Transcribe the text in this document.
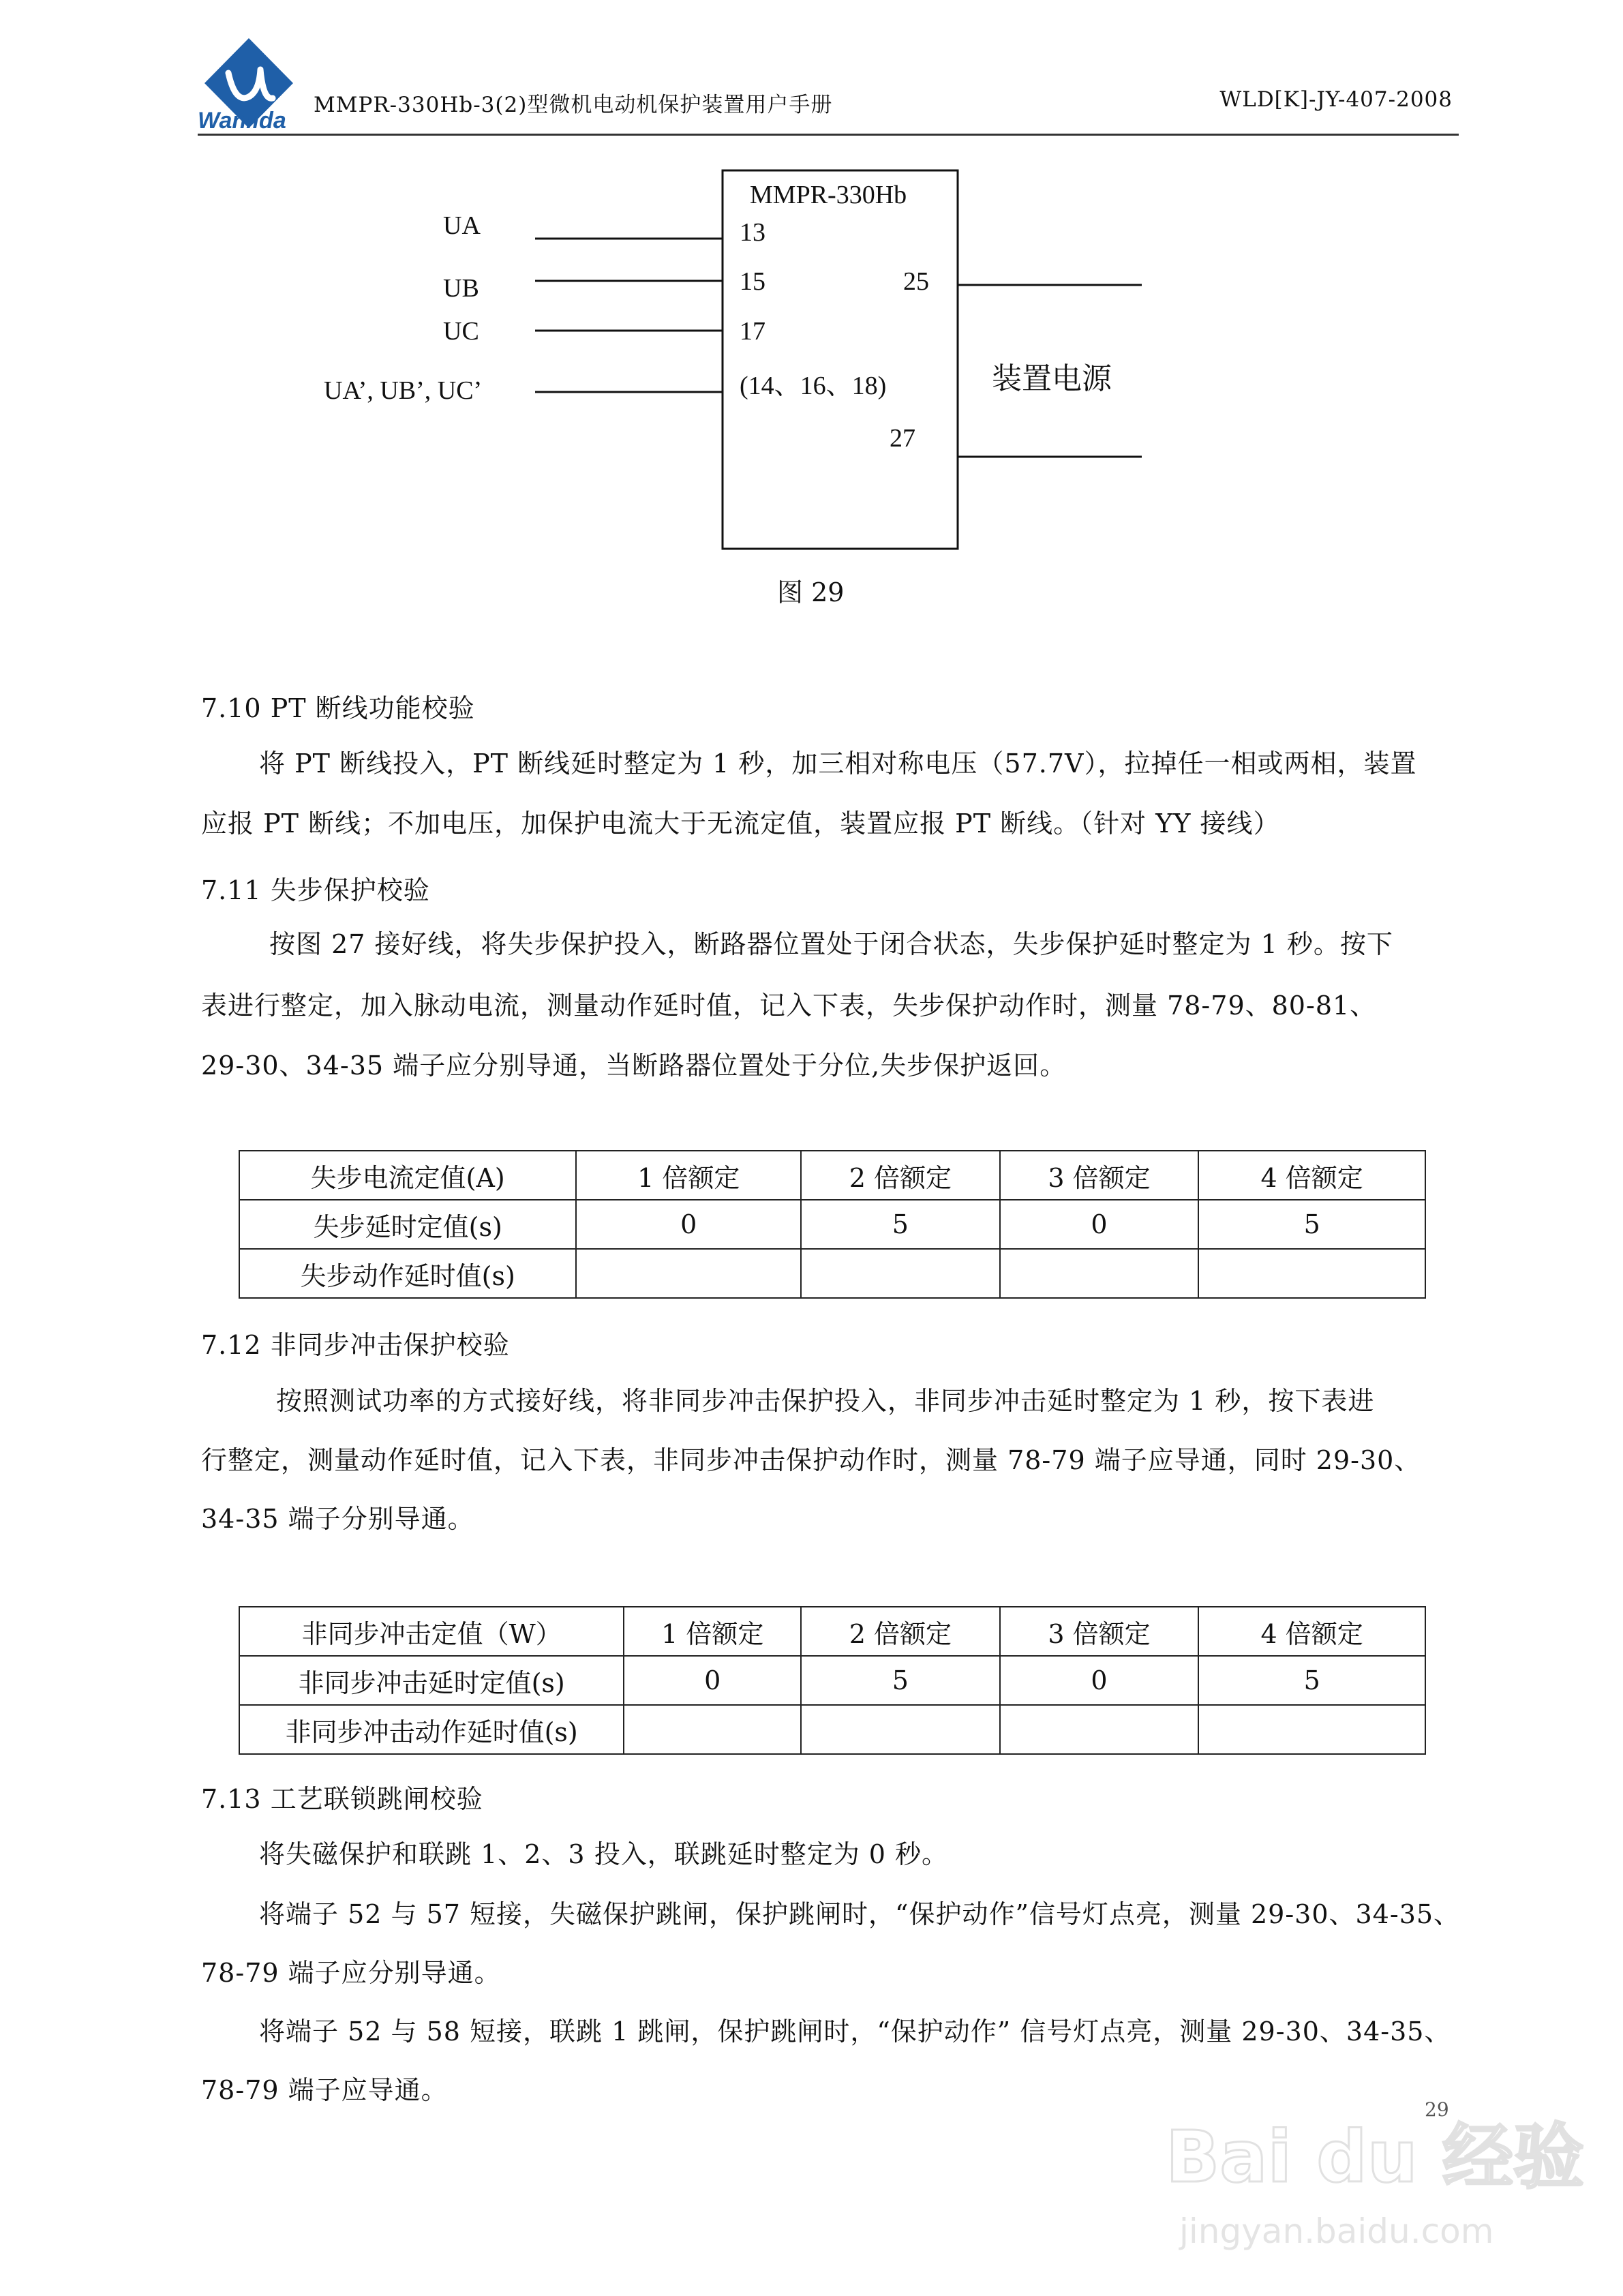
Wanlida
MMPR-330Hb-3(2)型微机电动机保护装置用户手册	WLD[K]-JY-407-2008
MMPR-330Hb
UA	13
UB	15
UC	17
UA’, UB’, UC’	(14、16、18)
25
27
装置电源
图 29
7.10 PT 断线功能校验
将 PT 断线投入，PT 断线延时整定为 1 秒，加三相对称电压（57.7V），拉掉任一相或两相，装置
应报 PT 断线；不加电压，加保护电流大于无流定值，装置应报 PT 断线。（针对 YY 接线）
7.11 失步保护校验
按图 27 接好线，将失步保护投入，断路器位置处于闭合状态，失步保护延时整定为 1 秒。按下
表进行整定，加入脉动电流，测量动作延时值，记入下表，失步保护动作时，测量 78-79、80-81、
29-30、34-35 端子应分别导通，当断路器位置处于分位,失步保护返回。
失步电流定值(A)	1 倍额定	2 倍额定	3 倍额定	4 倍额定
失步延时定值(s)	0	5	0	5
失步动作延时值(s)				
7.12 非同步冲击保护校验
按照测试功率的方式接好线，将非同步冲击保护投入，非同步冲击延时整定为 1 秒，按下表进
行整定，测量动作延时值，记入下表，非同步冲击保护动作时，测量 78-79 端子应导通，同时 29-30、
34-35 端子分别导通。
非同步冲击定值（W）	1 倍额定	2 倍额定	3 倍额定	4 倍额定
非同步冲击延时定值(s)	0	5	0	5
非同步冲击动作延时值(s)				
7.13 工艺联锁跳闸校验
将失磁保护和联跳 1、2、3 投入，联跳延时整定为 0 秒。
将端子 52 与 57 短接，失磁保护跳闸，保护跳闸时，“保护动作”信号灯点亮，测量 29-30、34-35、
78-79 端子应分别导通。
将端子 52 与 58 短接，联跳 1 跳闸，保护跳闸时，“保护动作” 信号灯点亮，测量 29-30、34-35、
78-79 端子应导通。
29
Bai du 经验
jingyan.baidu.com
